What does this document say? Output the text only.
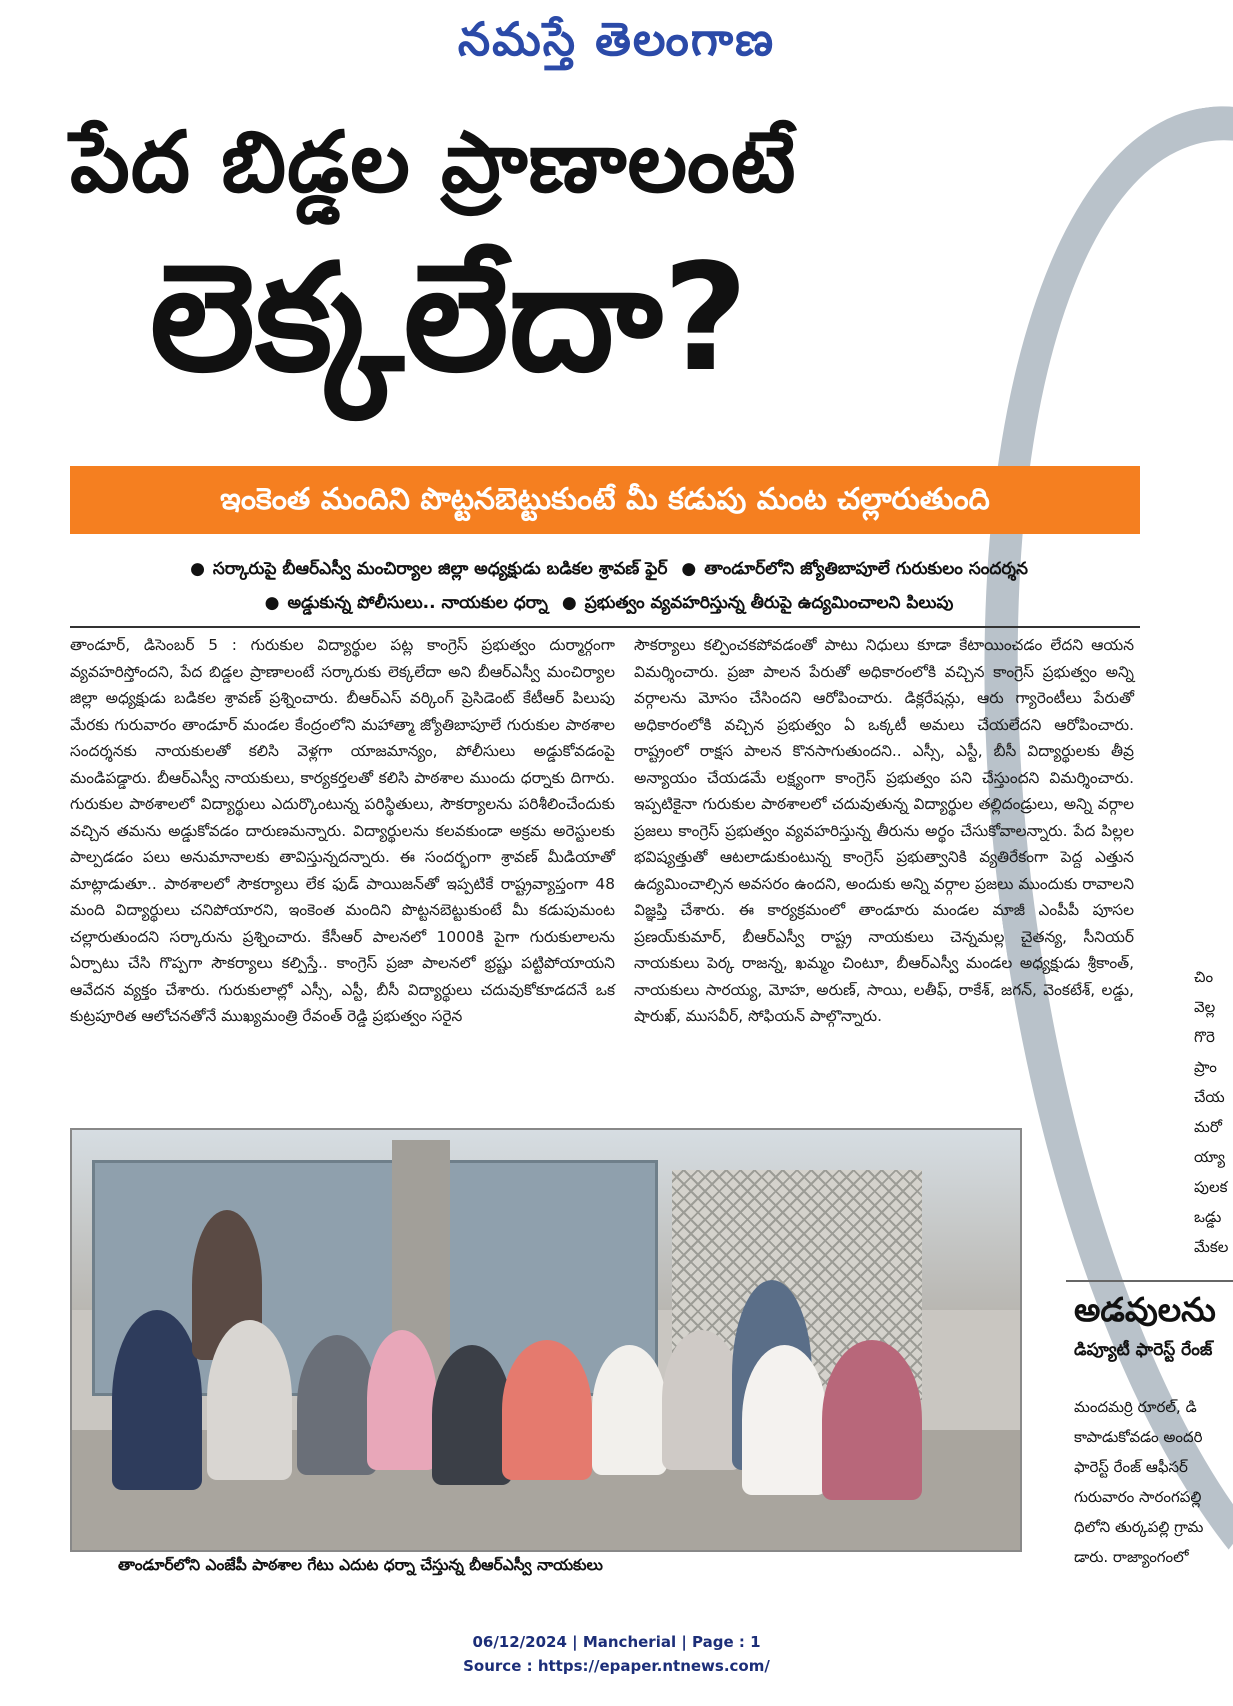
నమస్తే తెలంగాణ
పేద బిడ్డల ప్రాణాలంటే
లెక్కలేదా?
ఇంకెంత మందిని పొట్టనబెట్టుకుంటే మీ కడుపు మంట చల్లారుతుంది
● సర్కారుపై బీఆర్ఎస్వీ మంచిర్యాల జిల్లా అధ్యక్షుడు బడికల శ్రావణ్ ఫైర్ ● తాండూర్‌లోని జ్యోతిబాపూలే గురుకులం సందర్శన
● అడ్డుకున్న పోలీసులు.. నాయకుల ధర్నా ● ప్రభుత్వం వ్యవహరిస్తున్న తీరుపై ఉద్యమించాలని పిలుపు
తాండూర్, డిసెంబర్ 5 : గురుకుల విద్యార్థుల పట్ల కాంగ్రెస్ ప్రభుత్వం దుర్మార్గంగా వ్యవహరిస్తోందని, పేద బిడ్డల ప్రాణాలంటే సర్కారుకు లెక్కలేదా అని బీఆర్ఎస్వీ మంచిర్యాల జిల్లా అధ్యక్షుడు బడికల శ్రావణ్ ప్రశ్నించారు. బీఆర్ఎస్ వర్కింగ్ ప్రెసిడెంట్ కేటీఆర్ పిలుపు మేరకు గురువారం తాండూర్ మండల కేంద్రంలోని మహాత్మా జ్యోతిబాపూలే గురుకుల పాఠశాల సందర్శనకు నాయకులతో కలిసి వెళ్లగా యాజమాన్యం, పోలీసులు అడ్డుకోవడంపై మండిపడ్డారు. బీఆర్ఎస్వీ నాయకులు, కార్యకర్తలతో కలిసి పాఠశాల ముందు ధర్నాకు దిగారు. గురుకుల పాఠశాలలో విద్యార్థులు ఎదుర్కొంటున్న పరిస్థితులు, సౌకర్యాలను పరిశీలించేందుకు వచ్చిన తమను అడ్డుకోవడం దారుణమన్నారు. విద్యార్థులను కలవకుండా అక్రమ అరెస్టులకు పాల్పడడం పలు అనుమానాలకు తావిస్తున్నదన్నారు. ఈ సందర్భంగా శ్రావణ్ మీడియాతో మాట్లాడుతూ.. పాఠశాలలో సౌకర్యాలు లేక ఫుడ్ పాయిజన్‌తో ఇప్పటికే రాష్ట్రవ్యాప్తంగా 48 మంది విద్యార్థులు చనిపోయారని, ఇంకెంత మందిని పొట్టనబెట్టుకుంటే మీ కడుపుమంట చల్లారుతుందని సర్కారును ప్రశ్నించారు. కేసీఆర్ పాలనలో 1000కి పైగా గురుకులాలను ఏర్పాటు చేసి గొప్పగా సౌకర్యాలు కల్పిస్తే.. కాంగ్రెస్ ప్రజా పాలనలో భ్రష్టు పట్టిపోయాయని ఆవేదన వ్యక్తం చేశారు. గురుకులాల్లో ఎస్సీ, ఎస్టీ, బీసీ విద్యార్థులు చదువుకోకూడదనే ఒక కుట్రపూరిత ఆలోచనతోనే ముఖ్యమంత్రి రేవంత్ రెడ్డి ప్రభుత్వం సరైన
సౌకర్యాలు కల్పించకపోవడంతో పాటు నిధులు కూడా కేటాయించడం లేదని ఆయన విమర్శించారు. ప్రజా పాలన పేరుతో అధికారంలోకి వచ్చిన కాంగ్రెస్ ప్రభుత్వం అన్ని వర్గాలను మోసం చేసిందని ఆరోపించారు. డిక్లరేషన్లు, ఆరు గ్యారెంటీలు పేరుతో అధికారంలోకి వచ్చిన ప్రభుత్వం ఏ ఒక్కటీ అమలు చేయలేదని ఆరోపించారు. రాష్ట్రంలో రాక్షస పాలన కొనసాగుతుందని.. ఎస్సీ, ఎస్టీ, బీసీ విద్యార్థులకు తీవ్ర అన్యాయం చేయడమే లక్ష్యంగా కాంగ్రెస్ ప్రభుత్వం పని చేస్తుందని విమర్శించారు. ఇప్పటికైనా గురుకుల పాఠశాలలో చదువుతున్న విద్యార్థుల తల్లిదండ్రులు, అన్ని వర్గాల ప్రజలు కాంగ్రెస్ ప్రభుత్వం వ్యవహరిస్తున్న తీరును అర్థం చేసుకోవాలన్నారు. పేద పిల్లల భవిష్యత్తుతో ఆటలాడుకుంటున్న కాంగ్రెస్ ప్రభుత్వానికి వ్యతిరేకంగా పెద్ద ఎత్తున ఉద్యమించాల్సిన అవసరం ఉందని, అందుకు అన్ని వర్గాల ప్రజలు ముందుకు రావాలని విజ్ఞప్తి చేశారు. ఈ కార్యక్రమంలో తాండూరు మండల మాజీ ఎంపీపీ పూసల ప్రణయ్‌కుమార్, బీఆర్ఎస్వీ రాష్ట్ర నాయకులు చెన్నమల్ల చైతన్య, సీనియర్ నాయకులు పెర్క రాజన్న, ఖమ్మం చింటూ, బీఆర్ఎస్వీ మండల అధ్యక్షుడు శ్రీకాంత్, నాయకులు సారయ్య, మోహ, అరుణ్, సాయి, లతీఫ్, రాకేశ్, జగన్, వెంకటేశ్, లడ్డు, షారుఖ్, ముసవీర్, సోఫియన్ పాల్గొన్నారు.
చిం
వెల్ల
గొరె
ప్రాం
చేయ
మరో
య్యా
పులక
ఒడ్డు
మేకల
తాండూర్‌లోని ఎంజేపీ పాఠశాల గేటు ఎదుట ధర్నా చేస్తున్న బీఆర్ఎస్వీ నాయకులు
అడవులను
డిప్యూటీ ఫారెస్ట్ రేంజ్
మందమర్రి రూరల్, డి
కాపాడుకోవడం అందరి
ఫారెస్ట్ రేంజ్ ఆఫీసర్
గురువారం సారంగపల్లి
ధిలోని తుర్కపల్లి గ్రామ
డారు. రాజ్యాంగంలో
06/12/2024 | Mancherial | Page : 1
Source : https://epaper.ntnews.com/
